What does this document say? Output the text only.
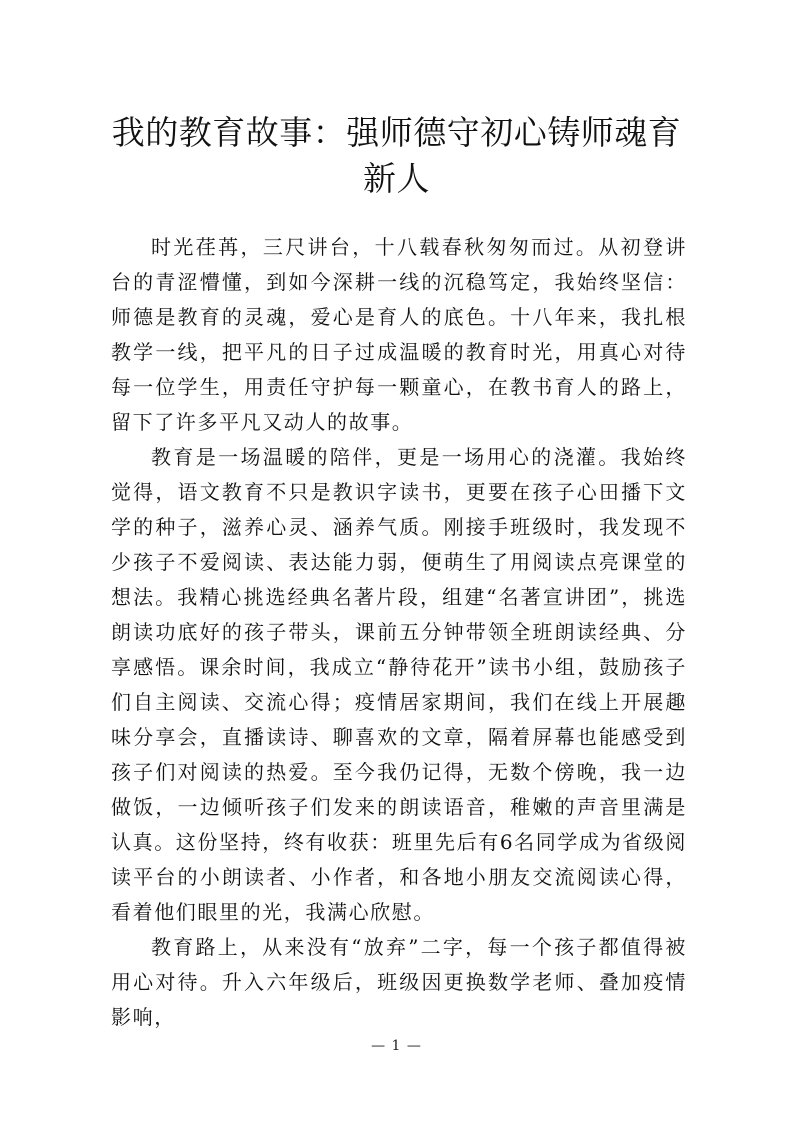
我的教育故事：强师德守初心铸师魂育新人

时光荏苒，三尺讲台，十八载春秋匆匆而过。从初登讲台的青涩懵懂，到如今深耕一线的沉稳笃定，我始终坚信：师德是教育的灵魂，爱心是育人的底色。十八年来，我扎根教学一线，把平凡的日子过成温暖的教育时光，用真心对待每一位学生，用责任守护每一颗童心，在教书育人的路上，留下了许多平凡又动人的故事。

教育是一场温暖的陪伴，更是一场用心的浇灌。我始终觉得，语文教育不只是教识字读书，更要在孩子心田播下文学的种子，滋养心灵、涵养气质。刚接手班级时，我发现不少孩子不爱阅读、表达能力弱，便萌生了用阅读点亮课堂的想法。我精心挑选经典名著片段，组建“名著宣讲团”，挑选朗读功底好的孩子带头，课前五分钟带领全班朗读经典、分享感悟。课余时间，我成立“静待花开”读书小组，鼓励孩子们自主阅读、交流心得；疫情居家期间，我们在线上开展趣味分享会，直播读诗、聊喜欢的文章，隔着屏幕也能感受到孩子们对阅读的热爱。至今我仍记得，无数个傍晚，我一边做饭，一边倾听孩子们发来的朗读语音，稚嫩的声音里满是认真。这份坚持，终有收获：班里先后有6名同学成为省级阅读平台的小朗读者、小作者，和各地小朋友交流阅读心得，看着他们眼里的光，我满心欣慰。

教育路上，从来没有“放弃”二字，每一个孩子都值得被用心对待。升入六年级后，班级因更换数学老师、叠加疫情影响，

— 1 —
